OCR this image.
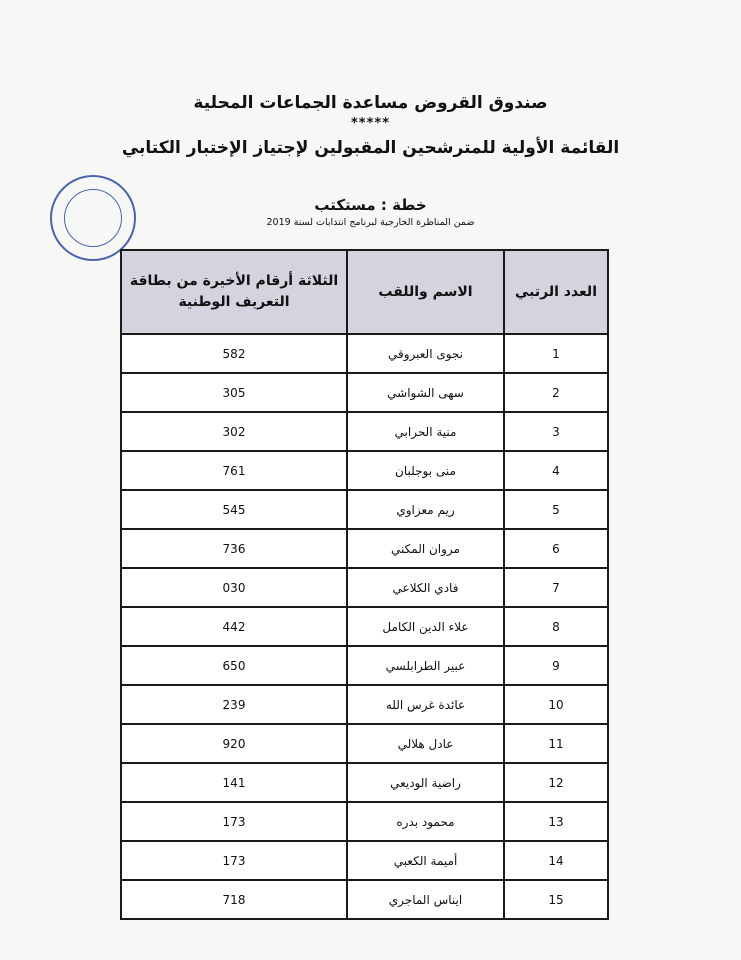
صندوق القروض مساعدة الجماعات المحلية
*****
القائمة الأولية للمترشحين المقبولين لإجتياز الإختبار الكتابي
خطة : مستكتب
ضمن المناظرة الخارجية لبرنامج انتدابات لسنة 2019
العدد الرتبي	الاسم واللقب	الثلاثة أرقام الأخيرة من بطاقة التعريف الوطنية
1	نجوى العبروقي	582
2	سهى الشواشي	305
3	منية الحرابي	302
4	منى بوجلبان	761
5	ريم معزاوي	545
6	مروان المكني	736
7	فادي الكلاعي	030
8	علاء الدين الكامل	442
9	عبير الطرابلسي	650
10	عائدة غرس الله	239
11	عادل هلالي	920
12	راضية الوديعي	141
13	محمود بدره	173
14	أميمة الكعبي	173
15	ايناس الماجري	718
